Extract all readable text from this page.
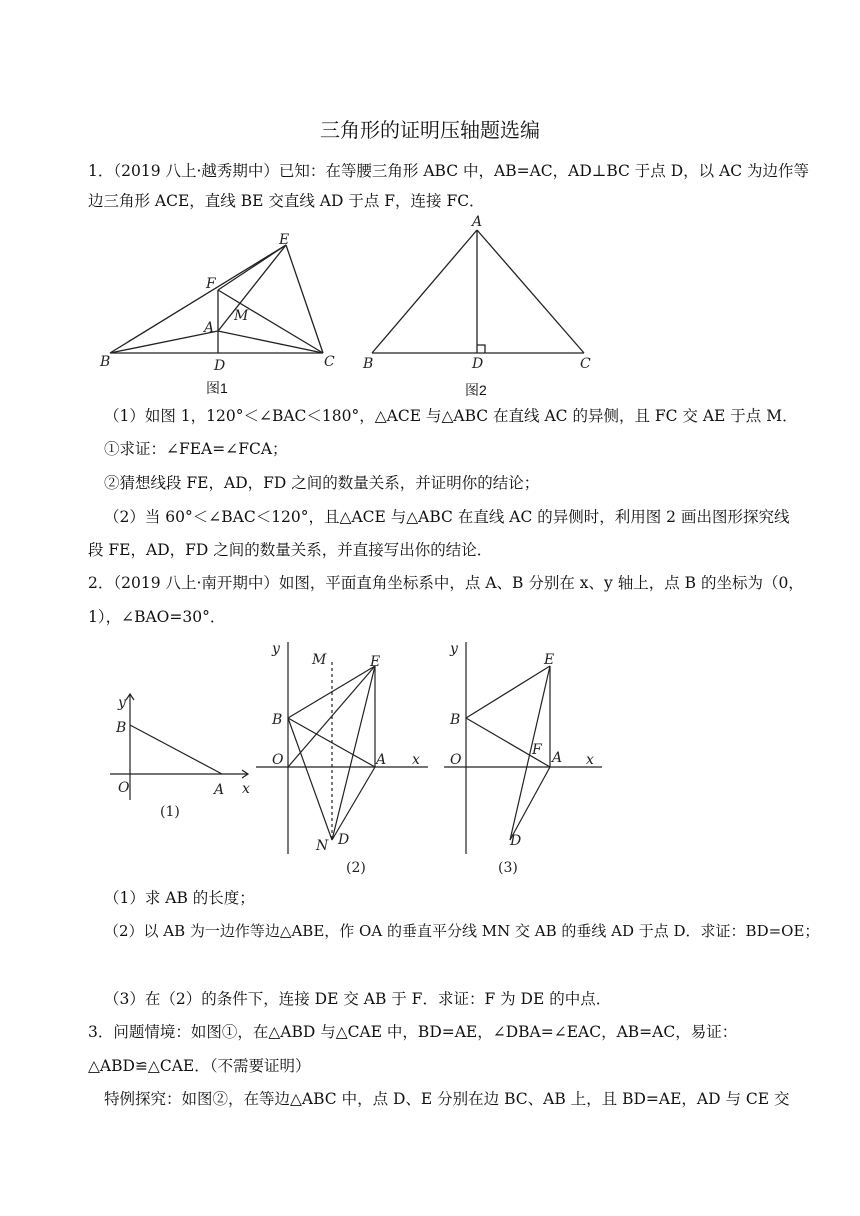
三角形的证明压轴题选编
1．（2019 八上·越秀期中）已知：在等腰三角形 ABC 中，AB=AC，AD⊥BC 于点 D，以 AC 为边作等
边三角形 ACE，直线 BE 交直线 AD 于点 F，连接 FC．
B	D	C
A
F
E
M
图1
B	D	C
A
图2
（1）如图 1，120°＜∠BAC＜180°，△ACE 与△ABC 在直线 AC 的异侧，且 FC 交 AE 于点 M．
①求证：∠FEA=∠FCA；
②猜想线段 FE，AD，FD 之间的数量关系，并证明你的结论；
（2）当 60°＜∠BAC＜120°，且△ACE 与△ABC 在直线 AC 的异侧时，利用图 2 画出图形探究线
段 FE，AD，FD 之间的数量关系，并直接写出你的结论．
2．（2019 八上·南开期中）如图，平面直角坐标系中，点 A、B 分别在 x、y 轴上，点 B 的坐标为（0，
1），∠BAO=30°．
y
B
O	A x
(1)
y
M	E
B
O	A x
D
N
(2)
y
E
B
O
F A x
D
(3)
（1）求 AB 的长度；
（2）以 AB 为一边作等边△ABE，作 OA 的垂直平分线 MN 交 AB 的垂线 AD 于点 D．求证：BD=OE；
（3）在（2）的条件下，连接 DE 交 AB 于 F．求证：F 为 DE 的中点．
3．问题情境：如图①，在△ABD 与△CAE 中，BD=AE，∠DBA=∠EAC，AB=AC，易证：
△ABD≌△CAE．（不需要证明）
特例探究：如图②，在等边△ABC 中，点 D、E 分别在边 BC、AB 上，且 BD=AE，AD 与 CE 交
